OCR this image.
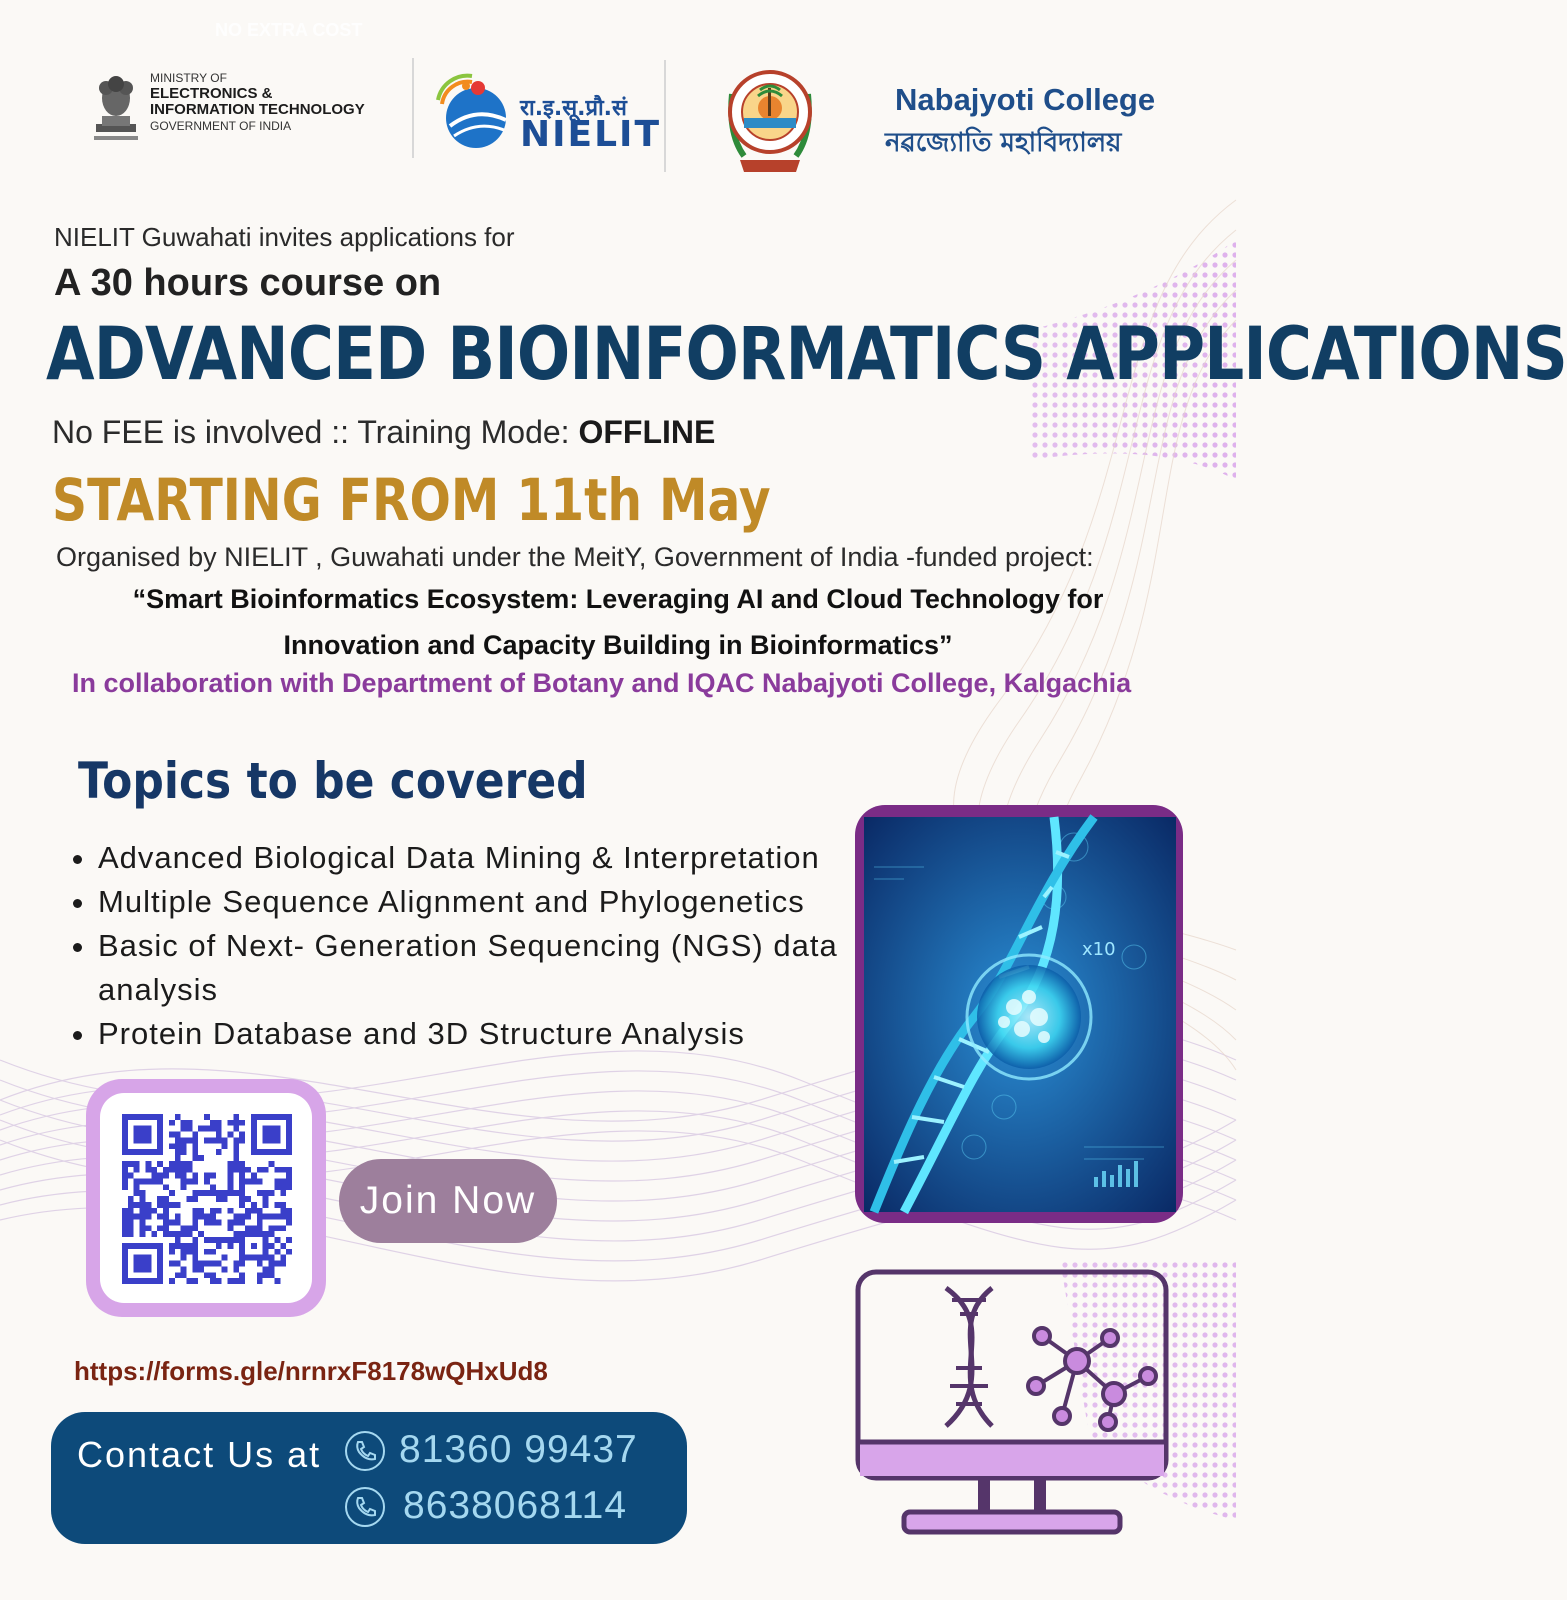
NO EXTRA COST
MINISTRY OF
ELECTRONICS &
INFORMATION TECHNOLOGY
GOVERNMENT OF INDIA
रा.इ.सू.प्रौ.सं
NIELIT
Nabajyoti College
নৱজ্যোতি মহাবিদ্যালয়
NIELIT Guwahati invites applications for
A 30 hours course on
ADVANCED BIOINFORMATICS APPLICATIONS
No FEE is involved :: Training Mode: OFFLINE
STARTING FROM 11th May
Organised by NIELIT , Guwahati under the MeitY, Government of India -funded project:
“Smart Bioinformatics Ecosystem: Leveraging AI and Cloud Technology for
Innovation and Capacity Building in Bioinformatics”
In collaboration with Department of Botany and IQAC Nabajyoti College, Kalgachia
Topics to be covered
• Advanced Biological Data Mining & Interpretation
• Multiple Sequence Alignment and Phylogenetics
• Basic of Next- Generation Sequencing (NGS) data analysis
• Protein Database and 3D Structure Analysis
x10
Join Now
https://forms.gle/nrnrxF8178wQHxUd8
Contact Us at 81360 99437
8638068114
